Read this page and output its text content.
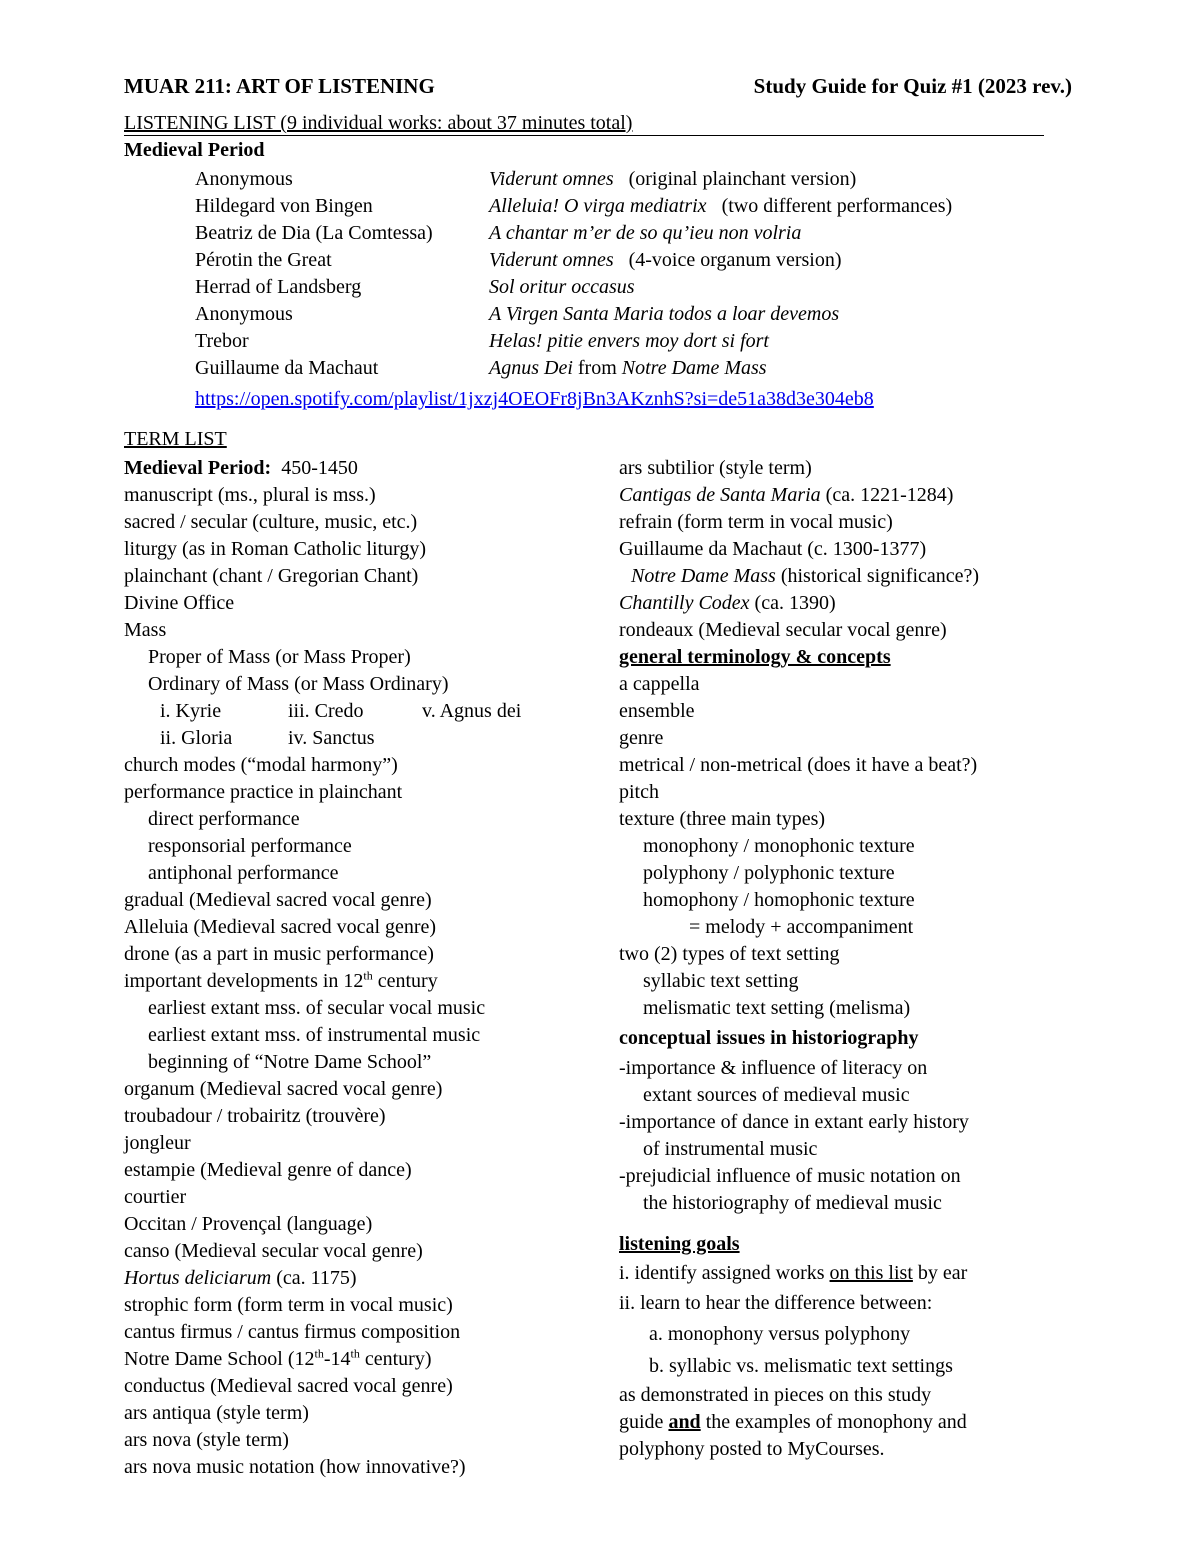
MUAR 211: ART OF LISTENING	Study Guide for Quiz #1 (2023 rev.)
LISTENING LIST (9 individual works: about 37 minutes total)
Medieval Period
Anonymous	Viderunt omnes (original plainchant version)
Hildegard von Bingen	Alleluia! O virga mediatrix (two different performances)
Beatriz de Dia (La Comtessa)	A chantar m’er de so qu’ieu non volria
Pérotin the Great	Viderunt omnes (4-voice organum version)
Herrad of Landsberg	Sol oritur occasus
Anonymous	A Virgen Santa Maria todos a loar devemos
Trebor	Helas! pitie envers moy dort si fort
Guillaume da Machaut	Agnus Dei from Notre Dame Mass
https://open.spotify.com/playlist/1jxzj4OEOFr8jBn3AKznhS?si=de51a38d3e304eb8
TERM LIST
Medieval Period: 450-1450
manuscript (ms., plural is mss.)
sacred / secular (culture, music, etc.)
liturgy (as in Roman Catholic liturgy)
plainchant (chant / Gregorian Chant)
Divine Office
Mass
Proper of Mass (or Mass Proper)
Ordinary of Mass (or Mass Ordinary)
i. Kyrie	iii. Credo	v. Agnus dei
ii. Gloria	iv. Sanctus
church modes (“modal harmony”)
performance practice in plainchant
direct performance
responsorial performance
antiphonal performance
gradual (Medieval sacred vocal genre)
Alleluia (Medieval sacred vocal genre)
drone (as a part in music performance)
important developments in 12th century
earliest extant mss. of secular vocal music
earliest extant mss. of instrumental music
beginning of “Notre Dame School”
organum (Medieval sacred vocal genre)
troubadour / trobairitz (trouvère)
jongleur
estampie (Medieval genre of dance)
courtier
Occitan / Provençal (language)
canso (Medieval secular vocal genre)
Hortus deliciarum (ca. 1175)
strophic form (form term in vocal music)
cantus firmus / cantus firmus composition
Notre Dame School (12th-14th century)
conductus (Medieval sacred vocal genre)
ars antiqua (style term)
ars nova (style term)
ars nova music notation (how innovative?)
ars subtilior (style term)
Cantigas de Santa Maria (ca. 1221-1284)
refrain (form term in vocal music)
Guillaume da Machaut (c. 1300-1377)
Notre Dame Mass (historical significance?)
Chantilly Codex (ca. 1390)
rondeaux (Medieval secular vocal genre)
general terminology & concepts
a cappella
ensemble
genre
metrical / non-metrical (does it have a beat?)
pitch
texture (three main types)
monophony / monophonic texture
polyphony / polyphonic texture
homophony / homophonic texture
= melody + accompaniment
two (2) types of text setting
syllabic text setting
melismatic text setting (melisma)
conceptual issues in historiography
-importance & influence of literacy on
extant sources of medieval music
-importance of dance in extant early history
of instrumental music
-prejudicial influence of music notation on
the historiography of medieval music
listening goals
i. identify assigned works on this list by ear
ii. learn to hear the difference between:
a. monophony versus polyphony
b. syllabic vs. melismatic text settings
as demonstrated in pieces on this study
guide and the examples of monophony and
polyphony posted to MyCourses.
